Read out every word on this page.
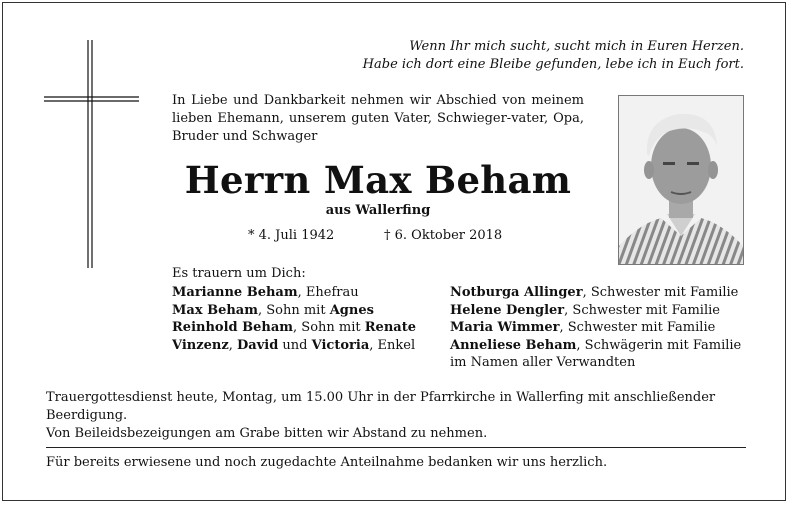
Wenn Ihr mich sucht, sucht mich in Euren Herzen.
Habe ich dort eine Bleibe gefunden, lebe ich in Euch fort.
In Liebe und Dankbarkeit nehmen wir Abschied von meinem lieben Ehemann, unserem guten Vater, Schwieger-vater, Opa, Bruder und Schwager
Herrn Max Beham
aus Wallerfing
* 4. Juli 1942	† 6. Oktober 2018
Es trauern um Dich:
Marianne Beham, Ehefrau
Max Beham, Sohn mit Agnes
Reinhold Beham, Sohn mit Renate
Vinzenz, David und Victoria, Enkel
Notburga Allinger, Schwester mit Familie
Helene Dengler, Schwester mit Familie
Maria Wimmer, Schwester mit Familie
Anneliese Beham, Schwägerin mit Familie
im Namen aller Verwandten
Trauergottesdienst heute, Montag, um 15.00 Uhr in der Pfarrkirche in Wallerfing mit anschließender
Beerdigung.
Von Beileidsbezeigungen am Grabe bitten wir Abstand zu nehmen.
Für bereits erwiesene und noch zugedachte Anteilnahme bedanken wir uns herzlich.
